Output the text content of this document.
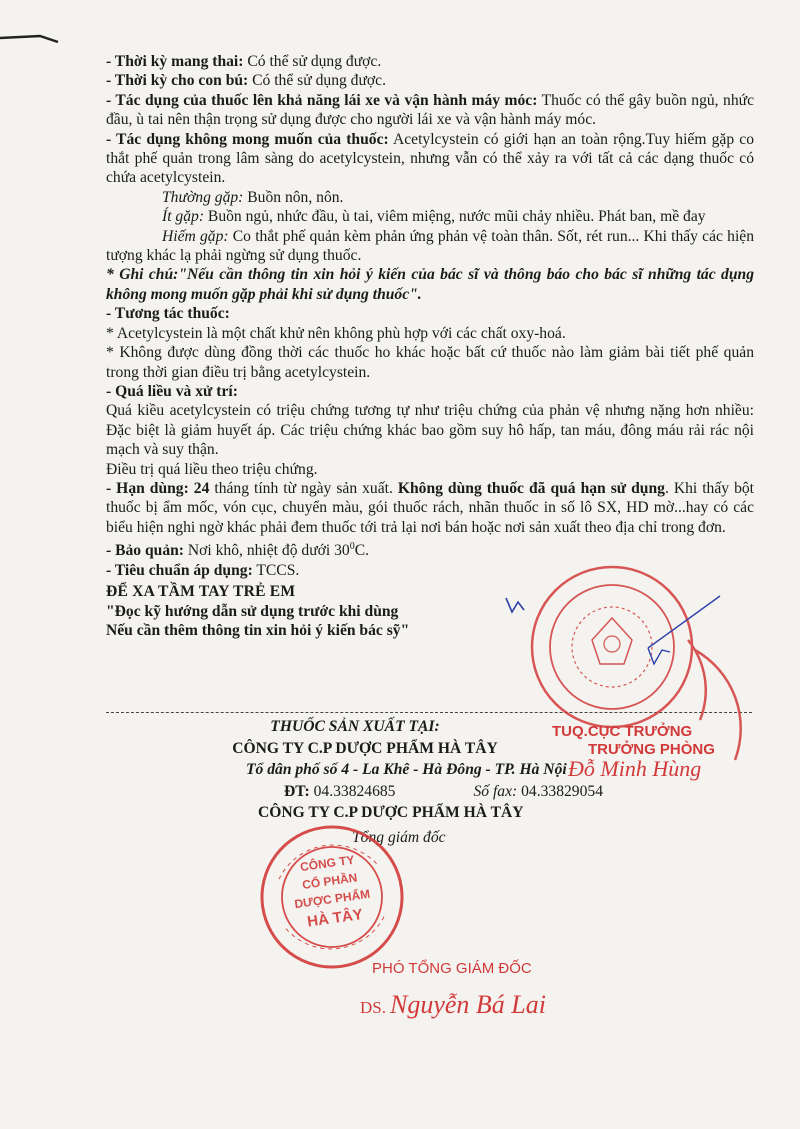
- Thời kỳ mang thai: Có thể sử dụng được.

- Thời kỳ cho con bú: Có thể sử dụng được.

- Tác dụng của thuốc lên khả năng lái xe và vận hành máy móc: Thuốc có thể gây buồn ngủ, nhức đầu, ù tai nên thận trọng sử dụng được cho người lái xe và vận hành máy móc.

- Tác dụng không mong muốn của thuốc: Acetylcystein có giới hạn an toàn rộng.Tuy hiếm gặp co thắt phế quản trong lâm sàng do acetylcystein, nhưng vẫn có thể xảy ra với tất cả các dạng thuốc có chứa acetylcystein.

Thường gặp: Buồn nôn, nôn.

Ít gặp: Buồn ngủ, nhức đầu, ù tai, viêm miệng, nước mũi chảy nhiều. Phát ban, mề đay

Hiếm gặp: Co thắt phế quản kèm phản ứng phản vệ toàn thân. Sốt, rét run... Khi thấy các hiện tượng khác lạ phải ngừng sử dụng thuốc.

* Ghi chú:"Nếu cần thông tin xin hỏi ý kiến của bác sĩ và thông báo cho bác sĩ những tác dụng không mong muốn gặp phải khi sử dụng thuốc".

- Tương tác thuốc:

* Acetylcystein là một chất khử nên không phù hợp với các chất oxy-hoá.

* Không được dùng đồng thời các thuốc ho khác hoặc bất cứ thuốc nào làm giảm bài tiết phế quản trong thời gian điều trị bằng acetylcystein.

- Quá liều và xử trí:

Quá kiều acetylcystein có triệu chứng tương tự như triệu chứng của phản vệ nhưng nặng hơn nhiều: Đặc biệt là giảm huyết áp. Các triệu chứng khác bao gồm suy hô hấp, tan máu, đông máu rải rác nội mạch và suy thận.

Điều trị quá liều theo triệu chứng.

- Hạn dùng: 24 tháng tính từ ngày sản xuất. Không dùng thuốc đã quá hạn sử dụng. Khi thấy bột thuốc bị ẩm mốc, vón cục, chuyển màu, gói thuốc rách, nhãn thuốc in số lô SX, HD mờ...hay có các biểu hiện nghi ngờ khác phải đem thuốc tới trả lại nơi bán hoặc nơi sản xuất theo địa chỉ trong đơn.

- Bảo quản: Nơi khô, nhiệt độ dưới $30^0C$.

- Tiêu chuẩn áp dụng: TCCS.

ĐỂ XA TẦM TAY TRẺ EM

"Đọc kỹ hướng dẫn sử dụng trước khi dùng

Nếu cần thêm thông tin xin hỏi ý kiến bác sỹ"

THUỐC SẢN XUẤT TẠI:

CÔNG TY C.P DƯỢC PHẨM HÀ TÂY

Tổ dân phố số 4 - La Khê - Hà Đông - TP. Hà Nội

ĐT: 04.33824685	Số fax: 04.33829054

CÔNG TY C.P DƯỢC PHẨM HÀ TÂY

Tổng giám đốc

TUQ.CỤC TRƯỞNG
TRƯỞNG PHÒNG
Đỗ Minh Hùng
CÔNG TY
CỔ PHẦN
DƯỢC PHẨM
HÀ TÂY
PHÓ TỔNG GIÁM ĐỐC
DS. Nguyễn Bá Lai
